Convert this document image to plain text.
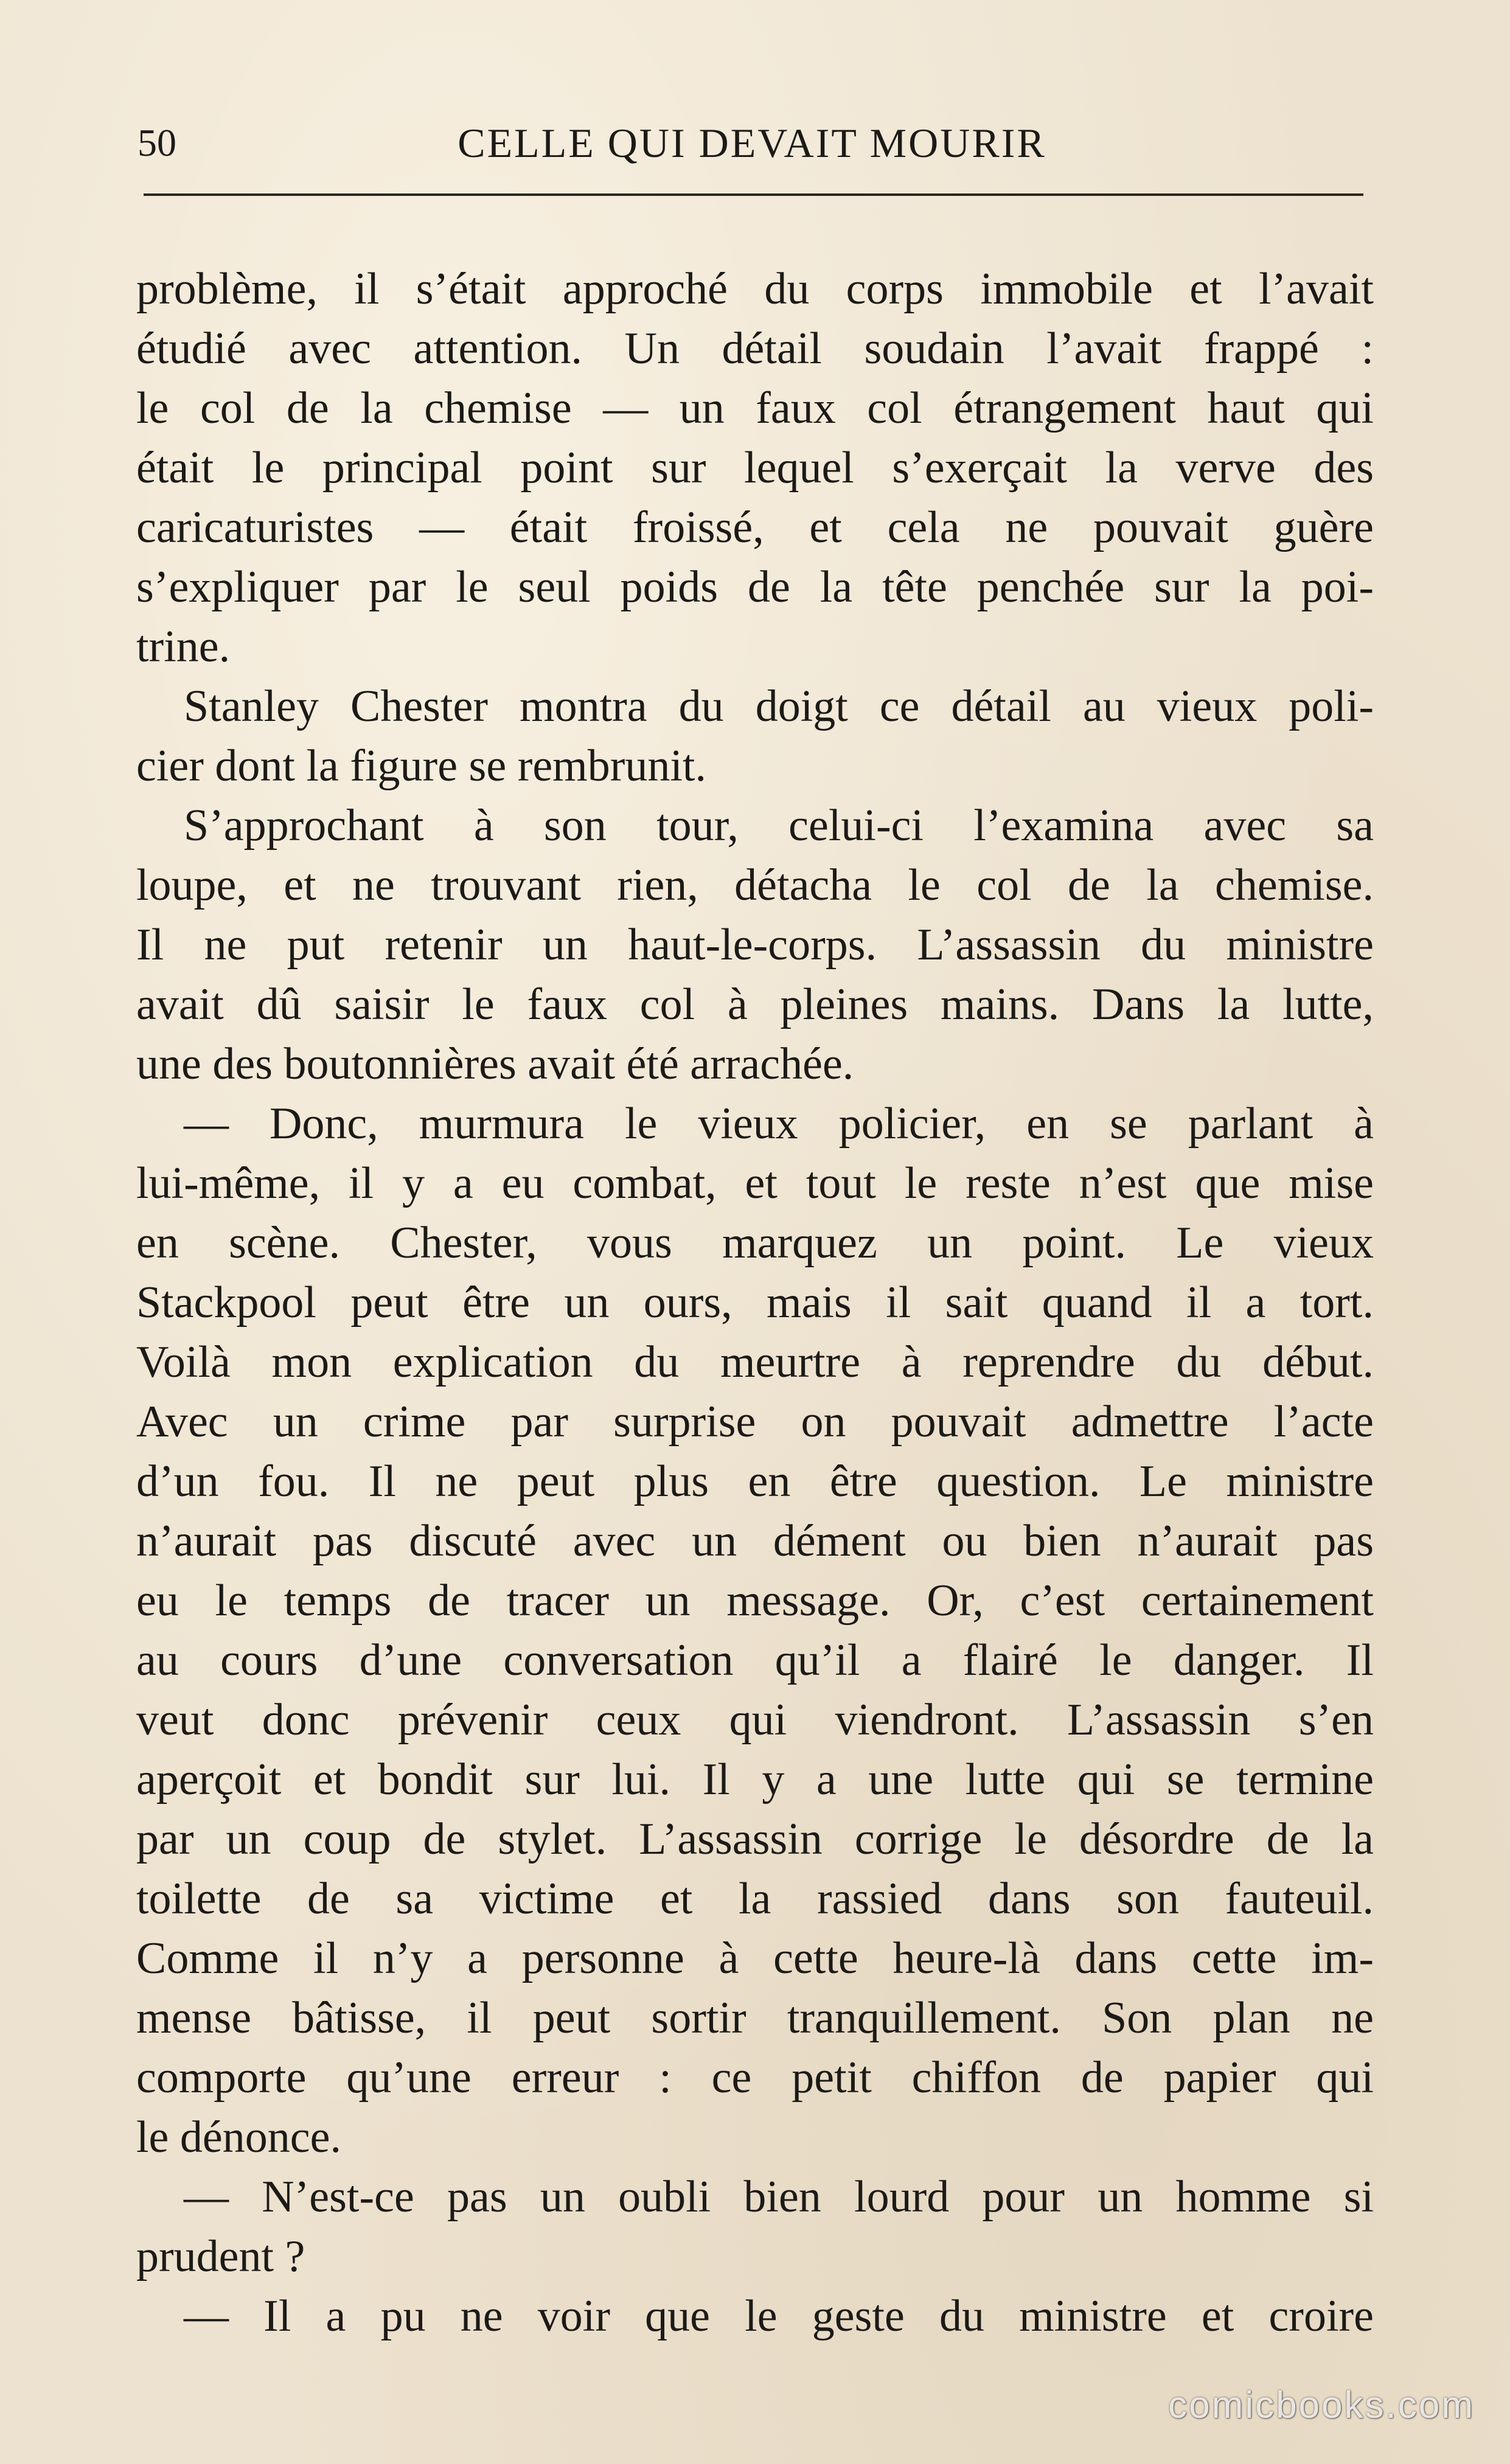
50	CELLE QUI DEVAIT MOURIR
problème, il s’était approché du corps immobile et l’avait
étudié avec attention. Un détail soudain l’avait frappé :
le col de la chemise — un faux col étrangement haut qui
était le principal point sur lequel s’exerçait la verve des
caricaturistes — était froissé, et cela ne pouvait guère
s’expliquer par le seul poids de la tête penchée sur la poi-
trine.
Stanley Chester montra du doigt ce détail au vieux poli-
cier dont la figure se rembrunit.
S’approchant à son tour, celui-ci l’examina avec sa
loupe, et ne trouvant rien, détacha le col de la chemise.
Il ne put retenir un haut-le-corps. L’assassin du ministre
avait dû saisir le faux col à pleines mains. Dans la lutte,
une des boutonnières avait été arrachée.
— Donc, murmura le vieux policier, en se parlant à
lui-même, il y a eu combat, et tout le reste n’est que mise
en scène. Chester, vous marquez un point. Le vieux
Stackpool peut être un ours, mais il sait quand il a tort.
Voilà mon explication du meurtre à reprendre du début.
Avec un crime par surprise on pouvait admettre l’acte
d’un fou. Il ne peut plus en être question. Le ministre
n’aurait pas discuté avec un dément ou bien n’aurait pas
eu le temps de tracer un message. Or, c’est certainement
au cours d’une conversation qu’il a flairé le danger. Il
veut donc prévenir ceux qui viendront. L’assassin s’en
aperçoit et bondit sur lui. Il y a une lutte qui se termine
par un coup de stylet. L’assassin corrige le désordre de la
toilette de sa victime et la rassied dans son fauteuil.
Comme il n’y a personne à cette heure-là dans cette im-
mense bâtisse, il peut sortir tranquillement. Son plan ne
comporte qu’une erreur : ce petit chiffon de papier qui
le dénonce.
— N’est-ce pas un oubli bien lourd pour un homme si
prudent ?
— Il a pu ne voir que le geste du ministre et croire
comicbooks.com
